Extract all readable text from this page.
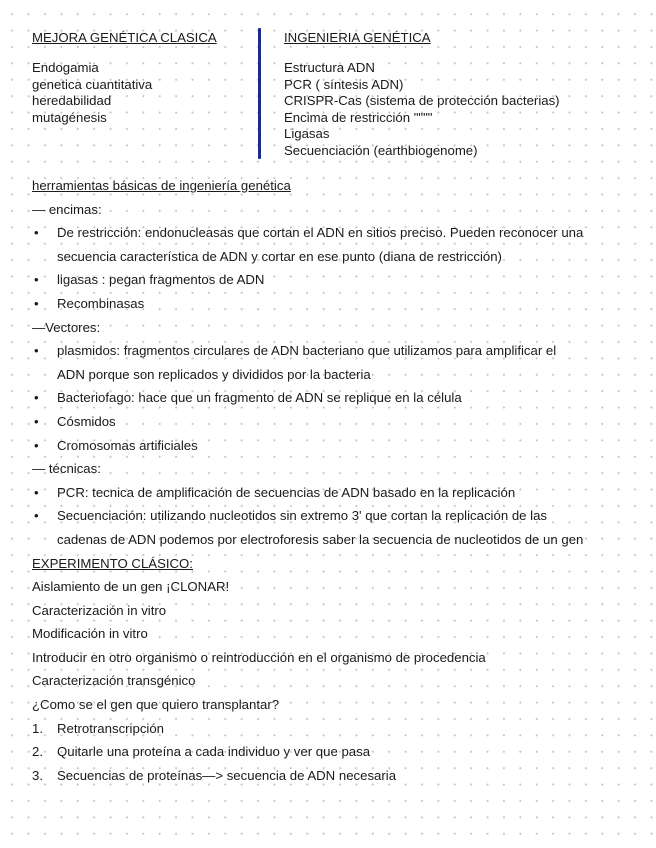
MEJORA GENÉTICA CLASICA
Endogamia
genetica cuantitativa
heredabilidad
mutagénesis
INGENIERIA GENÉTICA
Estructura ADN
PCR ( síntesis ADN)
CRISPR-Cas (sistema de protección bacterias)
Encima de restricción """"
Ligasas
Secuenciación (earthbiogenome)
herramientas básicas de ingeniería genética
— encimas:
• De restricción: endonucleasas que cortan el ADN en sitios preciso. Pueden reconocer una
secuencia característica de ADN y cortar en ese punto (diana de restricción)
• ligasas : pegan fragmentos de ADN
• Recombinasas
—Vectores:
• plasmidos: fragmentos circulares de ADN bacteriano que utilizamos para amplificar el
ADN porque son replicados y divididos por la bacteria
• Bacteriofago: hace que un fragmento de ADN se replique en la célula
• Cósmidos
• Cromosomas artificiales
— técnicas:
• PCR: tecnica de amplificación de secuencias de ADN basado en la replicación
• Secuenciación: utilizando nucleotidos sin extremo 3' que cortan la replicación de las
cadenas de ADN podemos por electroforesis saber la secuencia de nucleotidos de un gen
EXPERIMENTO CLÁSICO:
Aislamiento de un gen ¡CLONAR!
Caracterización in vitro
Modificación in vitro
Introducir en otro organismo o reintroducción en el organismo de procedencia
Caracterización transgénico
¿Como se el gen que quiero transplantar?
1. Retrotranscripción
2. Quitarle una proteína a cada individuo y ver que pasa
3. Secuencias de proteínas—> secuencia de ADN necesaria
